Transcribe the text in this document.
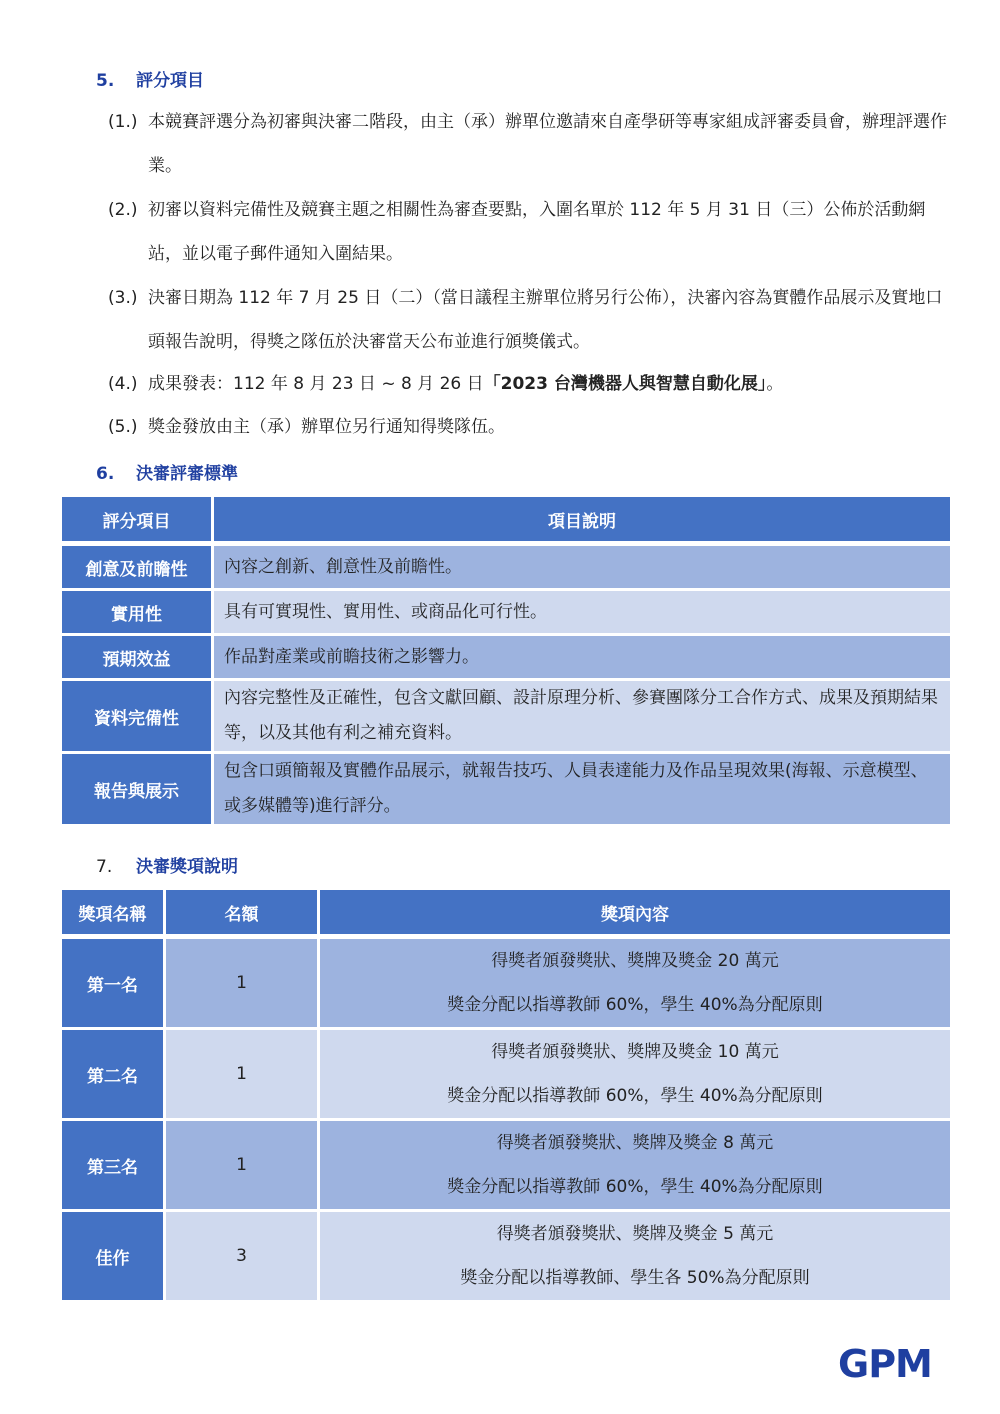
5. 評分項目
(1.) 本競賽評選分為初審與決審二階段，由主（承）辦單位邀請來自產學研等專家組成評審委員會，辦理評選作業。
(2.) 初審以資料完備性及競賽主題之相關性為審查要點，入圍名單於 112 年 5 月 31 日（三）公佈於活動網站，並以電子郵件通知入圍結果。
(3.) 決審日期為 112 年 7 月 25 日（二）（當日議程主辦單位將另行公佈），決審內容為實體作品展示及實地口頭報告說明，得獎之隊伍於決審當天公布並進行頒獎儀式。
(4.) 成果發表：112 年 8 月 23 日 ~ 8 月 26 日「2023 台灣機器人與智慧自動化展」。
(5.) 獎金發放由主（承）辦單位另行通知得獎隊伍。
6. 決審評審標準
評分項目	項目說明
創意及前瞻性	內容之創新、創意性及前瞻性。
實用性	具有可實現性、實用性、或商品化可行性。
預期效益	作品對產業或前瞻技術之影響力。
資料完備性	內容完整性及正確性，包含文獻回顧、設計原理分析、參賽團隊分工合作方式、成果及預期結果等，以及其他有利之補充資料。
報告與展示	包含口頭簡報及實體作品展示，就報告技巧、人員表達能力及作品呈現效果(海報、示意模型、或多媒體等)進行評分。
7. 決審獎項說明
獎項名稱	名額	獎項內容
第一名	1	得獎者頒發獎狀、獎牌及獎金 20 萬元
獎金分配以指導教師 60%，學生 40%為分配原則

第二名	1	得獎者頒發獎狀、獎牌及獎金 10 萬元
獎金分配以指導教師 60%，學生 40%為分配原則

第三名	1	得獎者頒發獎狀、獎牌及獎金 8 萬元
獎金分配以指導教師 60%，學生 40%為分配原則

佳作	3	得獎者頒發獎狀、獎牌及獎金 5 萬元
獎金分配以指導教師、學生各 50%為分配原則
GPM
